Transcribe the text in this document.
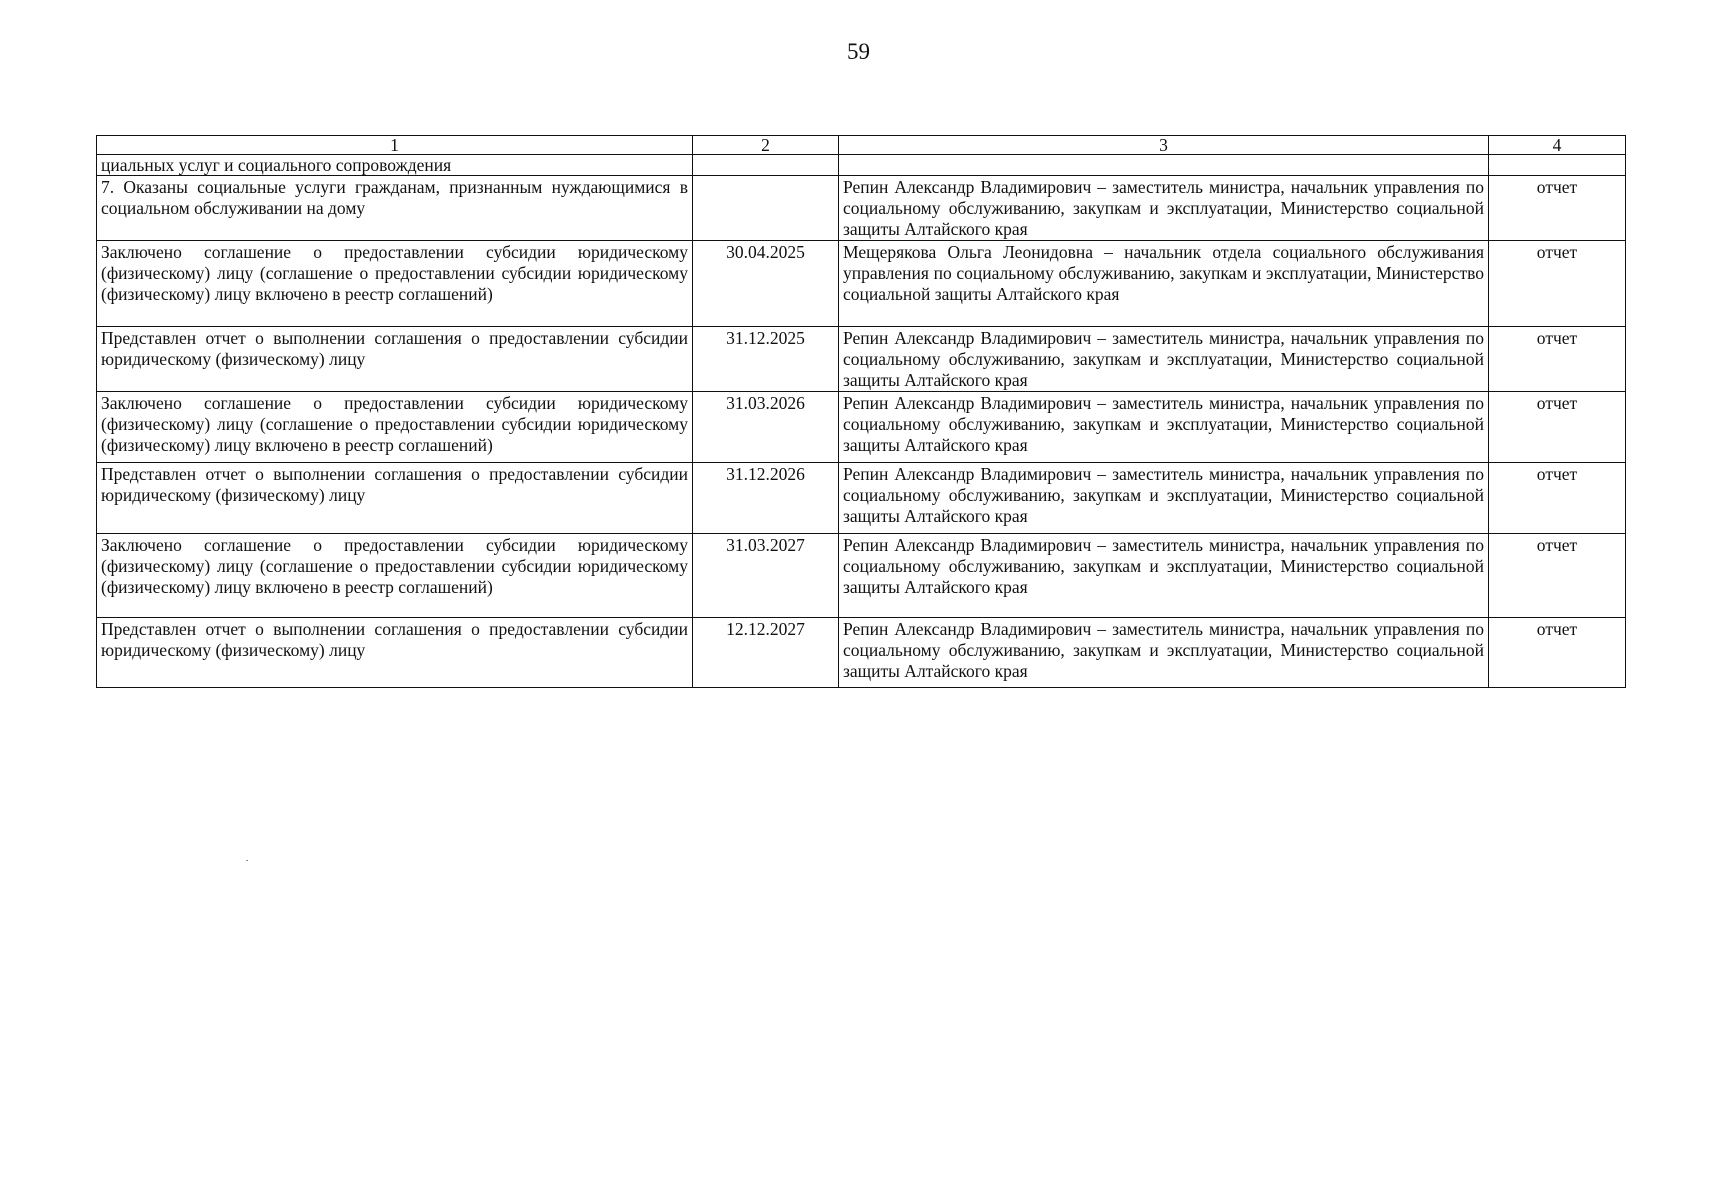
59
1	2	3	4
циальных услуг и социального сопровождения			
7. Оказаны социальные услуги гражданам, признанным нуждающимися в социальном обслуживании на дому		Репин Александр Владимирович – заместитель министра, начальник управления по социальному обслуживанию, закупкам и эксплуатации, Министерство социальной защиты Алтайского края	отчет
Заключено соглашение о предоставлении субсидии юридическому (физическому) лицу (соглашение о предоставлении субсидии юридическому (физическому) лицу включено в реестр соглашений)	30.04.2025	Мещерякова Ольга Леонидовна – начальник отдела социального обслуживания управления по социальному обслуживанию, закупкам и эксплуатации, Министерство социальной защиты Алтайского края	отчет
Представлен отчет о выполнении соглашения о предоставлении субсидии юридическому (физическому) лицу	31.12.2025	Репин Александр Владимирович – заместитель министра, начальник управления по социальному обслуживанию, закупкам и эксплуатации, Министерство социальной защиты Алтайского края	отчет
Заключено соглашение о предоставлении субсидии юридическому (физическому) лицу (соглашение о предоставлении субсидии юридическому (физическому) лицу включено в реестр соглашений)	31.03.2026	Репин Александр Владимирович – заместитель министра, начальник управления по социальному обслуживанию, закупкам и эксплуатации, Министерство социальной защиты Алтайского края	отчет
Представлен отчет о выполнении соглашения о предоставлении субсидии юридическому (физическому) лицу	31.12.2026	Репин Александр Владимирович – заместитель министра, начальник управления по социальному обслуживанию, закупкам и эксплуатации, Министерство социальной защиты Алтайского края	отчет
Заключено соглашение о предоставлении субсидии юридическому (физическому) лицу (соглашение о предоставлении субсидии юридическому (физическому) лицу включено в реестр соглашений)	31.03.2027	Репин Александр Владимирович – заместитель министра, начальник управления по социальному обслуживанию, закупкам и эксплуатации, Министерство социальной защиты Алтайского края	отчет
Представлен отчет о выполнении соглашения о предоставлении субсидии юридическому (физическому) лицу	12.12.2027	Репин Александр Владимирович – заместитель министра, начальник управления по социальному обслуживанию, закупкам и эксплуатации, Министерство социальной защиты Алтайского края	отчет
